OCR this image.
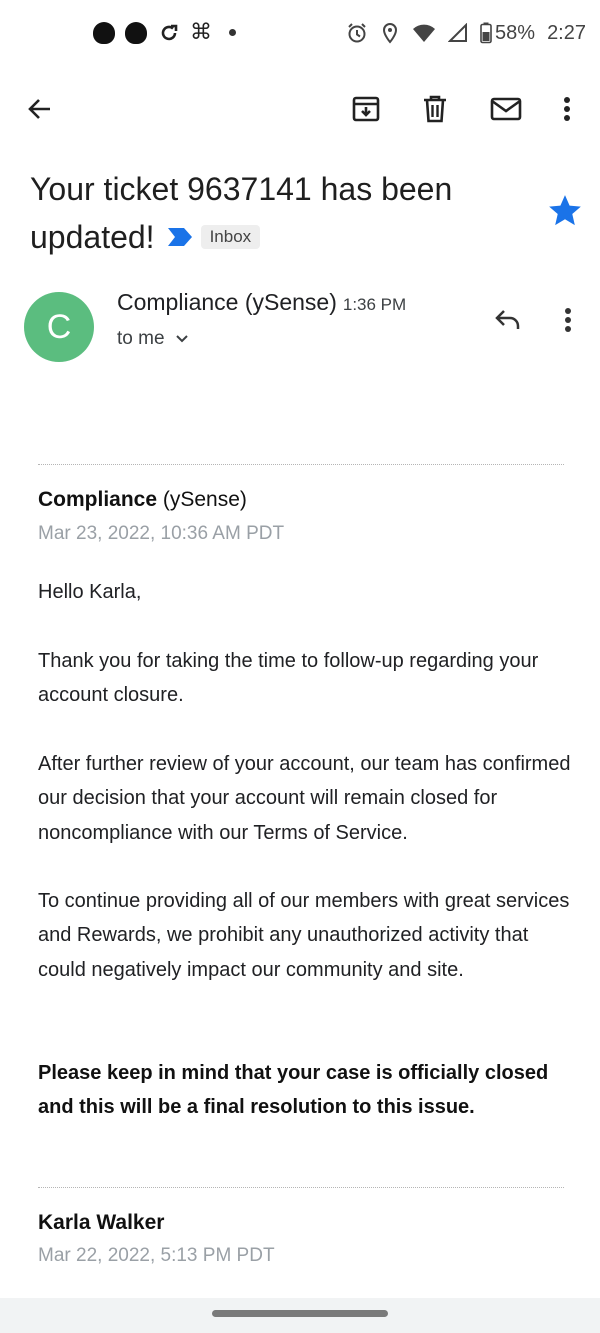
⌘	58% 2:27
Your ticket 9637141 has been
updated!	Inbox
C
Compliance (ySense) 1:36 PM
to me
Compliance (ySense)
Mar 23, 2022, 10:36 AM PDT
Hello Karla,
Thank you for taking the time to follow-up regarding your account closure.
After further review of your account, our team has confirmed our decision that your account will remain closed for noncompliance with our Terms of Service.
To continue providing all of our members with great services and Rewards, we prohibit any unauthorized activity that could negatively impact our community and site.
Please keep in mind that your case is officially closed and this will be a final resolution to this issue.
Karla Walker
Mar 22, 2022, 5:13 PM PDT
